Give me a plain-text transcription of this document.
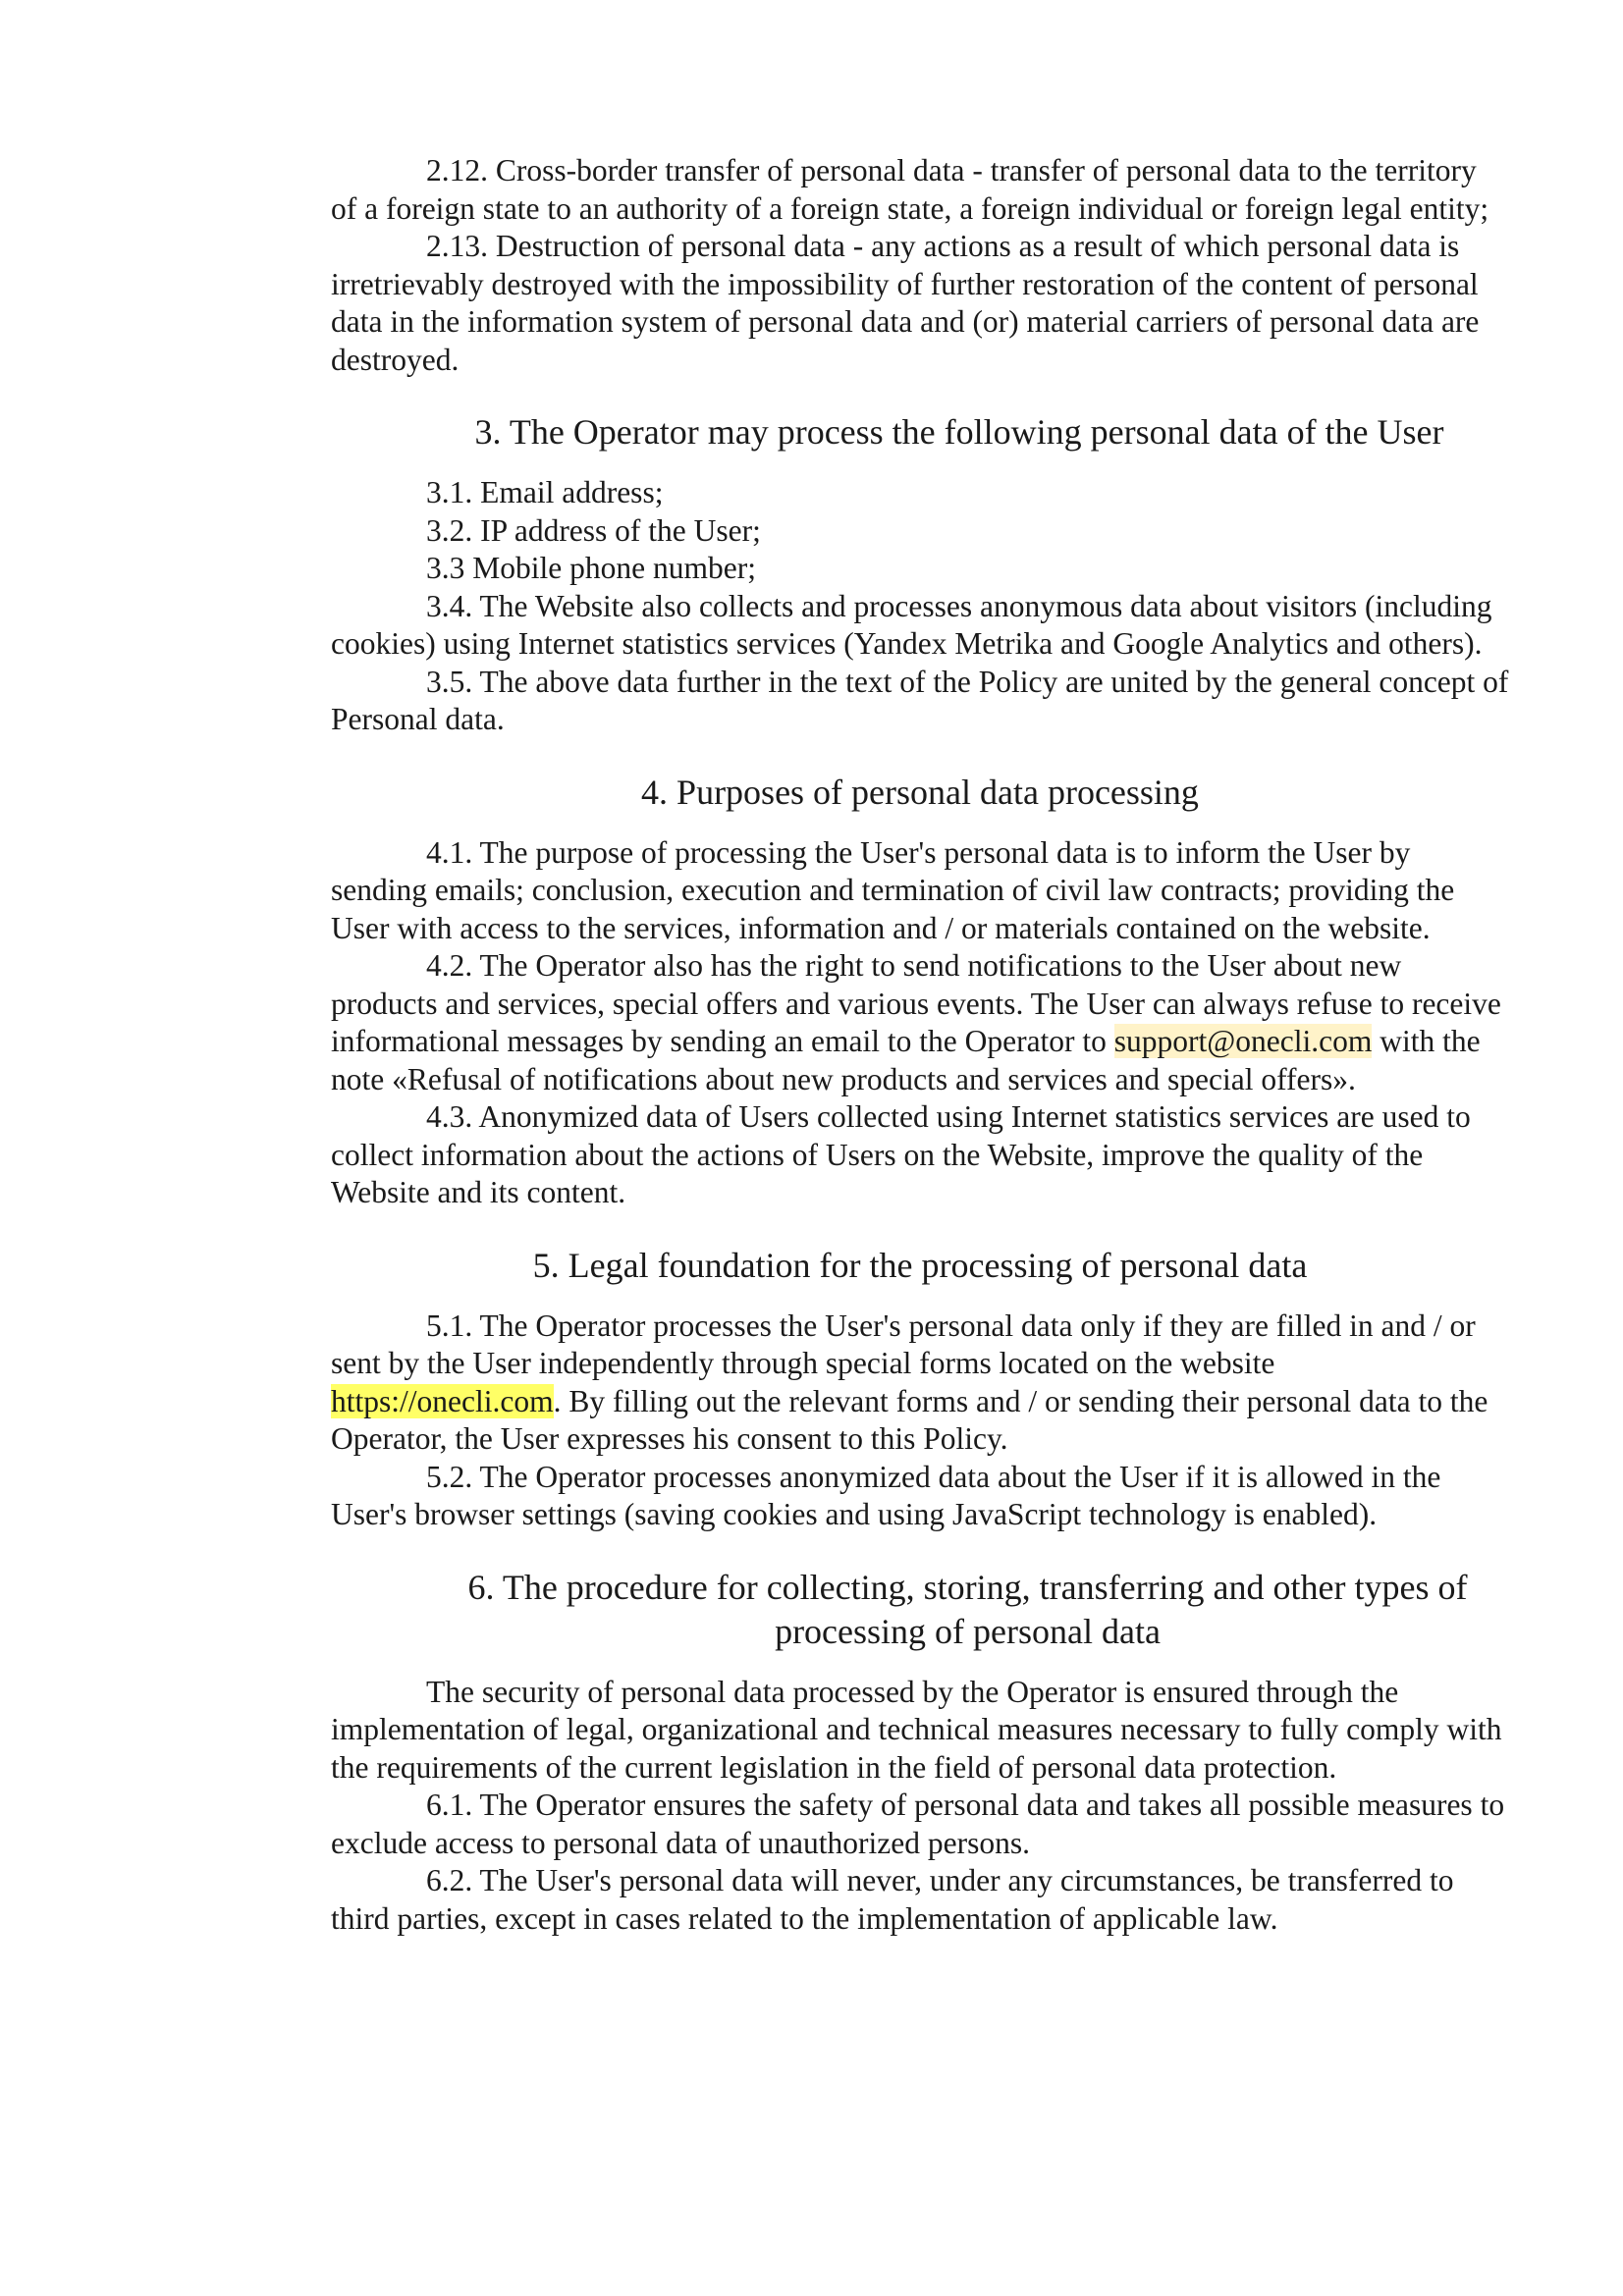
2.12. Cross-border transfer of personal data - transfer of personal data to the territory of a foreign state to an authority of a foreign state, a foreign individual or foreign legal entity;

2.13. Destruction of personal data - any actions as a result of which personal data is irretrievably destroyed with the impossibility of further restoration of the content of personal data in the information system of personal data and (or) material carriers of personal data are destroyed.

3. The Operator may process the following personal data of the User

3.1. Email address;

3.2. IP address of the User;

3.3 Mobile phone number;

3.4. The Website also collects and processes anonymous data about visitors (including cookies) using Internet statistics services (Yandex Metrika and Google Analytics and others).

3.5. The above data further in the text of the Policy are united by the general concept of Personal data.

4. Purposes of personal data processing

4.1. The purpose of processing the User's personal data is to inform the User by sending emails; conclusion, execution and termination of civil law contracts; providing the User with access to the services, information and / or materials contained on the website.

4.2. The Operator also has the right to send notifications to the User about new products and services, special offers and various events. The User can always refuse to receive informational messages by sending an email to the Operator to support@onecli.com with the note «Refusal of notifications about new products and services and special offers».

4.3. Anonymized data of Users collected using Internet statistics services are used to collect information about the actions of Users on the Website, improve the quality of the Website and its content.

5. Legal foundation for the processing of personal data

5.1. The Operator processes the User's personal data only if they are filled in and / or sent by the User independently through special forms located on the website https://onecli.com. By filling out the relevant forms and / or sending their personal data to the Operator, the User expresses his consent to this Policy.

5.2. The Operator processes anonymized data about the User if it is allowed in the User's browser settings (saving cookies and using JavaScript technology is enabled).

6. The procedure for collecting, storing, transferring and other types of processing of personal data

The security of personal data processed by the Operator is ensured through the implementation of legal, organizational and technical measures necessary to fully comply with the requirements of the current legislation in the field of personal data protection.

6.1. The Operator ensures the safety of personal data and takes all possible measures to exclude access to personal data of unauthorized persons.

6.2. The User's personal data will never, under any circumstances, be transferred to third parties, except in cases related to the implementation of applicable law.
